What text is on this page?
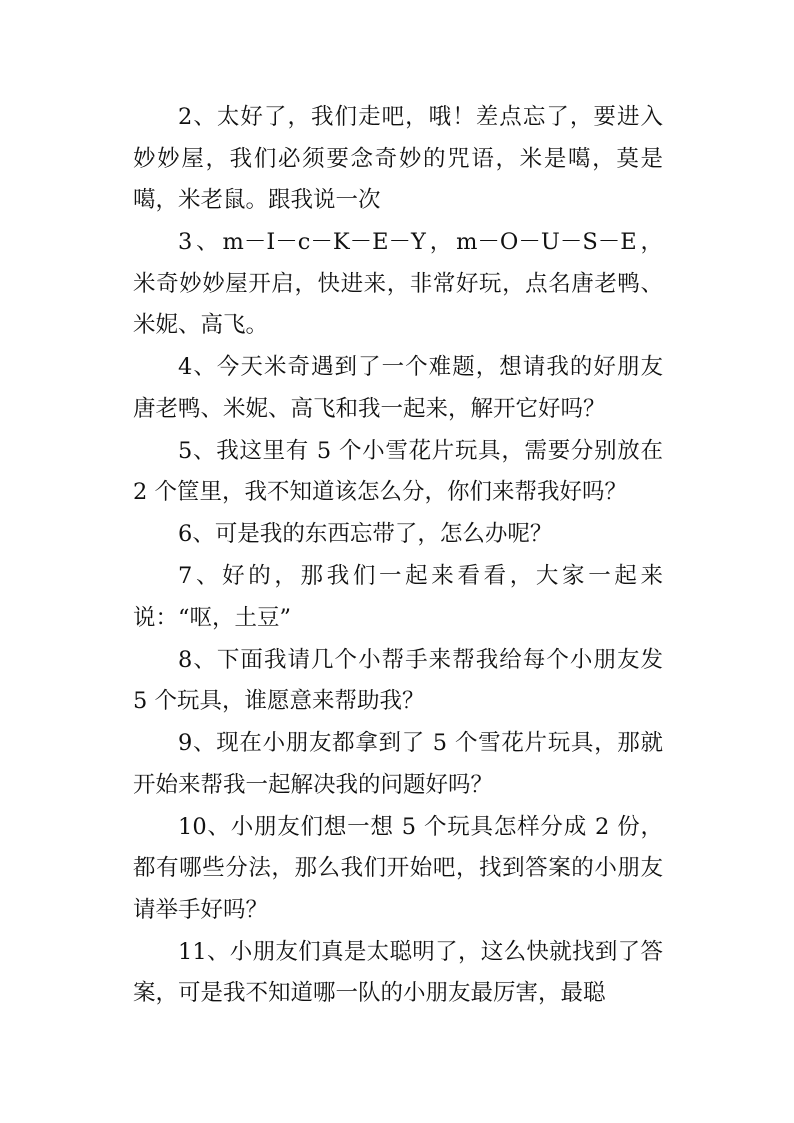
2、太好了，我们走吧，哦！差点忘了，要进入妙妙屋，我们必须要念奇妙的咒语，米是噶，莫是噶，米老鼠。跟我说一次

3、m－I－c－K－E－Y，m－O－U－S－E，米奇妙妙屋开启，快进来，非常好玩，点名唐老鸭、米妮、高飞。

4、今天米奇遇到了一个难题，想请我的好朋友唐老鸭、米妮、高飞和我一起来，解开它好吗？

5、我这里有 5 个小雪花片玩具，需要分别放在 2 个筐里，我不知道该怎么分，你们来帮我好吗？

6、可是我的东西忘带了，怎么办呢？

7、好的，那我们一起来看看，大家一起来说：“呕，土豆”

8、下面我请几个小帮手来帮我给每个小朋友发 5 个玩具，谁愿意来帮助我？

9、现在小朋友都拿到了 5 个雪花片玩具，那就开始来帮我一起解决我的问题好吗？

10、小朋友们想一想 5 个玩具怎样分成 2 份，都有哪些分法，那么我们开始吧，找到答案的小朋友请举手好吗？

11、小朋友们真是太聪明了，这么快就找到了答案，可是我不知道哪一队的小朋友最厉害，最聪
